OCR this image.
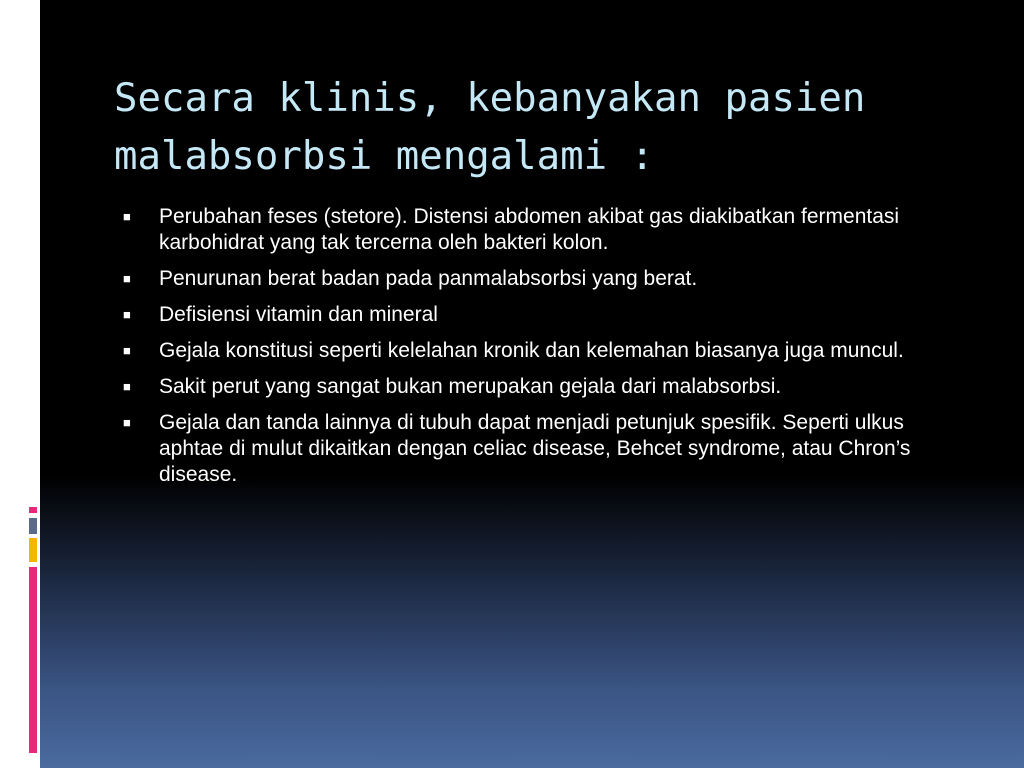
Secara klinis, kebanyakan pasien malabsorbsi mengalami :
■ Perubahan feses (stetore). Distensi abdomen akibat gas diakibatkan fermentasi karbohidrat yang tak tercerna oleh bakteri kolon.
■ Penurunan berat badan pada panmalabsorbsi yang berat.
■ Defisiensi vitamin dan mineral
■ Gejala konstitusi seperti kelelahan kronik dan kelemahan biasanya juga muncul.
■ Sakit perut yang sangat bukan merupakan gejala dari malabsorbsi.
■ Gejala dan tanda lainnya di tubuh dapat menjadi petunjuk spesifik. Seperti ulkus aphtae di mulut dikaitkan dengan celiac disease, Behcet syndrome, atau Chron’s disease.
